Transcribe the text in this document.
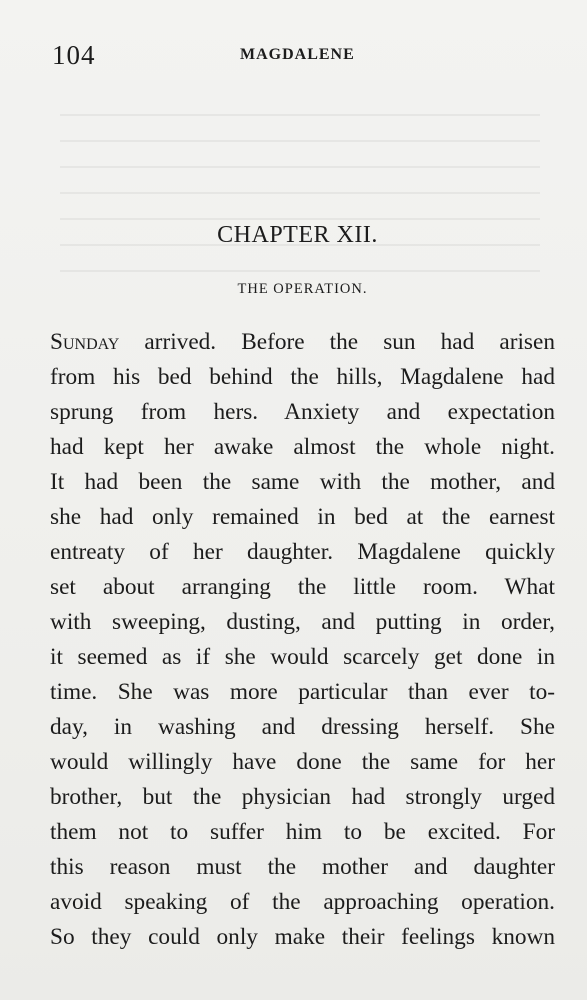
104	MAGDALENE
CHAPTER XII.
THE OPERATION.
Sunday arrived. Before the sun had arisen
from his bed behind the hills, Magdalene had
sprung from hers. Anxiety and expectation
had kept her awake almost the whole night.
It had been the same with the mother, and
she had only remained in bed at the earnest
entreaty of her daughter. Magdalene quickly
set about arranging the little room. What
with sweeping, dusting, and putting in order,
it seemed as if she would scarcely get done in
time. She was more particular than ever to-
day, in washing and dressing herself. She
would willingly have done the same for her
brother, but the physician had strongly urged
them not to suffer him to be excited. For
this reason must the mother and daughter
avoid speaking of the approaching operation.
So they could only make their feelings known
